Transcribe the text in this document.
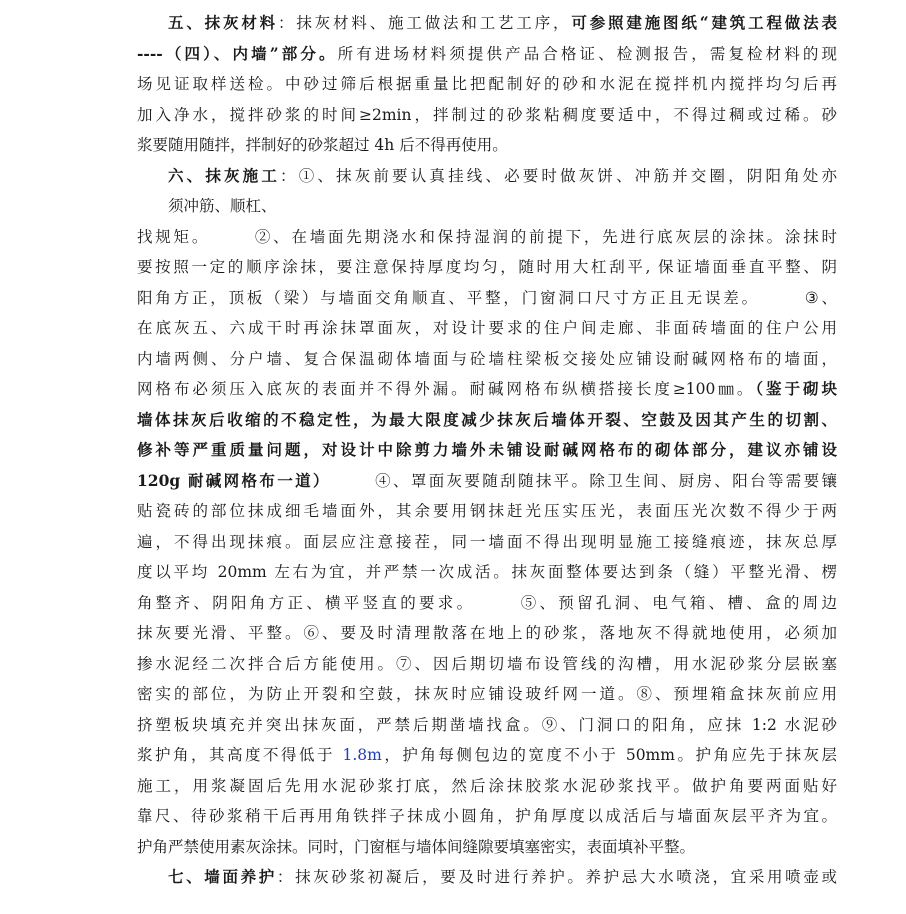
五、抹灰材料：抹灰材料、施工做法和工艺工序，可参照建施图纸“建筑工程做法表
----（四）、内墙”部分。所有进场材料须提供产品合格证、检测报告，需复检材料的现
场见证取样送检。中砂过筛后根据重量比把配制好的砂和水泥在搅拌机内搅拌均匀后再
加入净水，搅拌砂浆的时间≥2min，拌制过的砂浆粘稠度要适中，不得过稠或过稀。砂
浆要随用随拌，拌制好的砂浆超过 4h 后不得再使用。
六、抹灰施工：①、抹灰前要认真挂线、必要时做灰饼、冲筋并交圈，阴阳角处亦
须冲筋、顺杠、
找规矩。	②、在墙面先期浇水和保持湿润的前提下，先进行底灰层的涂抹。涂抹时
要按照一定的顺序涂抹，要注意保持厚度均匀，随时用大杠刮平, 保证墙面垂直平整、阴
阳角方正，顶板（梁）与墙面交角顺直、平整，门窗洞口尺寸方正且无误差。	③、
在底灰五、六成干时再涂抹罩面灰，对设计要求的住户间走廊、非面砖墙面的住户公用
内墙两侧、分户墙、复合保温砌体墙面与砼墙柱梁板交接处应铺设耐碱网格布的墙面，
网格布必须压入底灰的表面并不得外漏。耐碱网格布纵横搭接长度≥100㎜。（鉴于砌块
墙体抹灰后收缩的不稳定性，为最大限度减少抹灰后墙体开裂、空鼓及因其产生的切割、
修补等严重质量问题，对设计中除剪力墙外未铺设耐碱网格布的砌体部分，建议亦铺设
120g 耐碱网格布一道）	④、罩面灰要随刮随抹平。除卫生间、厨房、阳台等需要镶
贴瓷砖的部位抹成细毛墙面外，其余要用钢抹赶光压实压光，表面压光次数不得少于两
遍，不得出现抹痕。面层应注意接茬，同一墙面不得出现明显施工接缝痕迹，抹灰总厚
度以平均 20mm 左右为宜，并严禁一次成活。抹灰面整体要达到条（缝）平整光滑、楞
角整齐、阴阳角方正、横平竖直的要求。	⑤、预留孔洞、电气箱、槽、盒的周边
抹灰要光滑、平整。⑥、要及时清理散落在地上的砂浆，落地灰不得就地使用，必须加
掺水泥经二次拌合后方能使用。⑦、因后期切墙布设管线的沟槽，用水泥砂浆分层嵌塞
密实的部位，为防止开裂和空鼓，抹灰时应铺设玻纤网一道。⑧、预埋箱盒抹灰前应用
挤塑板块填充并突出抹灰面，严禁后期凿墙找盒。⑨、门洞口的阳角，应抹 1:2 水泥砂
浆护角，其高度不得低于 1.8m，护角每侧包边的宽度不小于 50mm。护角应先于抹灰层
施工，用浆凝固后先用水泥砂浆打底，然后涂抹胶浆水泥砂浆找平。做护角要两面贴好
靠尺、待砂浆稍干后再用角铁拌子抹成小圆角，护角厚度以成活后与墙面灰层平齐为宜。
护角严禁使用素灰涂抹。同时，门窗框与墙体间缝隙要填塞密实，表面填补平整。
七、墙面养护：抹灰砂浆初凝后，要及时进行养护。养护忌大水喷浇，宜采用喷壶或
